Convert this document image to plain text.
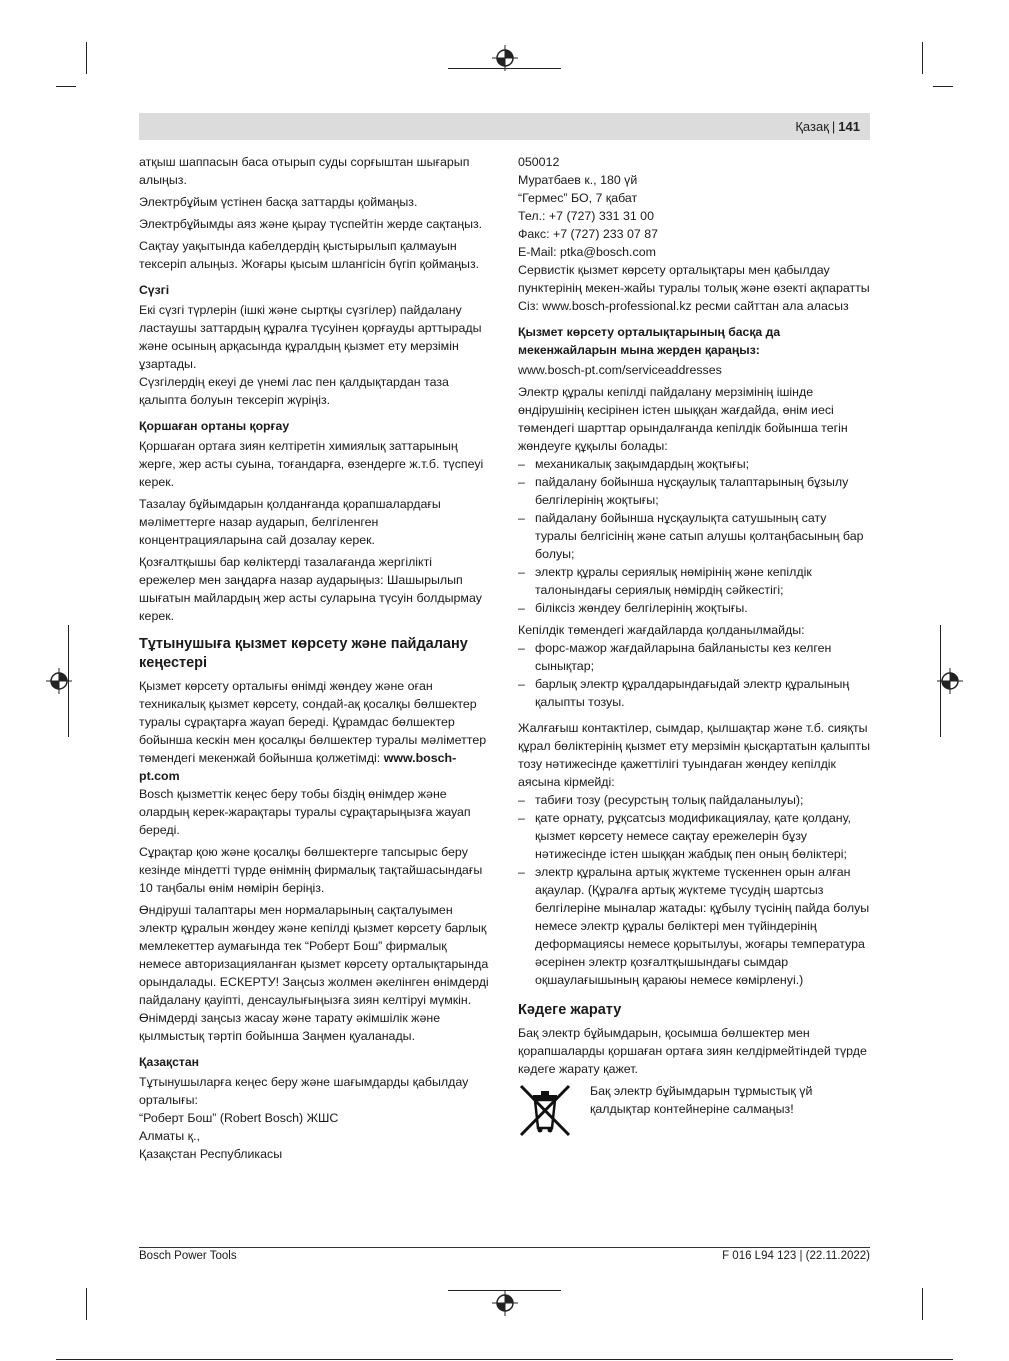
Қазақ | 141

атқыш шаппасын баса отырып суды сорғыштан шығарып алыңыз.

Электрбұйым үстінен басқа заттарды қоймаңыз.

Электрбұйымды аяз және қырау түспейтін жерде сақтаңыз.

Сақтау уақытында кабелдердің қыстырылып қалмауын тексеріп алыңыз. Жоғары қысым шлангісін бүгіп қоймаңыз.

Сүзгі

Екі сүзгі түрлерін (ішкі және сыртқы сүзгілер) пайдалану ластаушы заттардың құралға түсуінен қорғауды арттырады және осының арқасында құралдың қызмет ету мерзімін ұзартады.

Сүзгілердің екеуі де үнемі лас пен қалдықтардан таза қалыпта болуын тексеріп жүріңіз.

Қоршаған ортаны қорғау

Қоршаған ортаға зиян келтіретін химиялық заттарының жерге, жер асты суына, тоғандарға, өзендерге ж.т.б. түспеуі керек.

Тазалау бұйымдарын қолданғанда қорапшалардағы мәліметтерге назар аударып, белгіленген концентрацияларына сай дозалау керек.

Қозғалтқышы бар көліктерді тазалағанда жергілікті ережелер мен заңдарға назар аударыңыз: Шашырылып шығатын майлардың жер асты суларына түсуін болдырмау керек.

Тұтынушыға қызмет көрсету және пайдалану кеңестері

Қызмет көрсету орталығы өнімді жөндеу және оған техникалық қызмет көрсету, сондай-ақ қосалқы бөлшектер туралы сұрақтарға жауап береді. Құрамдас бөлшектер бойынша кескін мен қосалқы бөлшектер туралы мәліметтер төмендегі мекенжай бойынша қолжетімді: www.bosch-pt.com

Bosch қызметтік кеңес беру тобы біздің өнімдер және олардың керек-жарақтары туралы сұрақтарыңызға жауап береді.

Сұрақтар қою және қосалқы бөлшектерге тапсырыс беру кезінде міндетті түрде өнімнің фирмалық тақтайшасындағы 10 таңбалы өнім нөмірін беріңіз.

Өндіруші талаптары мен нормаларының сақталуымен электр құралын жөндеу және кепілді қызмет көрсету барлық мемлекеттер аумағында тек “Роберт Бош” фирмалық немесе авторизацияланған қызмет көрсету орталықтарында орындалады. ЕСКЕРТУ! Заңсыз жолмен әкелінген өнімдерді пайдалану қауіпті, денсаулығыңызға зиян келтіруі мүмкін. Өнімдерді заңсыз жасау және тарату әкімшілік және қылмыстық тәртіп бойынша Заңмен қуаланады.

Қазақстан

Тұтынушыларға кеңес беру және шағымдарды қабылдау орталығы:

“Роберт Бош” (Robert Bosch) ЖШС

Алматы қ.,

Қазақстан Республикасы

050012

Муратбаев к., 180 үй

“Гермес” БО, 7 қабат

Тел.: +7 (727) 331 31 00

Факс: +7 (727) 233 07 87

E-Mail: ptka@bosch.com

Сервистік қызмет көрсету орталықтары мен қабылдау пунктерінің мекен-жайы туралы толық және өзекті ақпаратты Сіз: www.bosch-professional.kz ресми сайттан ала аласыз

Қызмет көрсету орталықтарының басқа да мекенжайларын мына жерден қараңыз:

www.bosch-pt.com/serviceaddresses

Электр құралы кепілді пайдалану мерзімінің ішінде өндірушінің кесірінен істен шыққан жағдайда, өнім иесі төмендегі шарттар орындалғанда кепілдік бойынша тегін жөндеуге құқылы болады:

– механикалық зақымдардың жоқтығы;
– пайдалану бойынша нұсқаулық талаптарының бұзылу белгілерінің жоқтығы;
– пайдалану бойынша нұсқаулықта сатушының сату туралы белгісінің және сатып алушы қолтаңбасының бар болуы;
– электр құралы сериялық нөмірінің және кепілдік талонындағы сериялық нөмірдің сәйкестігі;
– біліксіз жөндеу белгілерінің жоқтығы.

Кепілдік төмендегі жағдайларда қолданылмайды:

– форс-мажор жағдайларына байланысты кез келген сынықтар;
– барлық электр құралдарындағыдай электр құралының қалыпты тозуы.

Жалғағыш контактілер, сымдар, қылшақтар және т.б. сияқты құрал бөліктерінің қызмет ету мерзімін қысқартатын қалыпты тозу нәтижесінде қажеттілігі туындаған жөндеу кепілдік аясына кірмейді:

– табиғи тозу (ресурстың толық пайдаланылуы);
– қате орнату, рұқсатсыз модификациялау, қате қолдану, қызмет көрсету немесе сақтау ережелерін бұзу нәтижесінде істен шыққан жабдық пен оның бөліктері;
– электр құралына артық жүктеме түскеннен орын алған ақаулар. (Құралға артық жүктеме түсудің шартсыз белгілеріне мыналар жатады: құбылу түсінің пайда болуы немесе электр құралы бөліктері мен түйіндерінің деформациясы немесе қорытылуы, жоғары температура әсерінен электр қозғалтқышындағы сымдар оқшаулағышының қараюы немесе көмірленуі.)
Кәдеге жарату

Бақ электр бұйымдарын, қосымша бөлшектер мен қорапшаларды қоршаған ортаға зиян келдірмейтіндей түрде кәдеге жарату қажет.

Бақ электр бұйымдарын тұрмыстық үй қалдықтар контейнеріне салмаңыз!

Bosch Power Tools	F 016 L94 123 | (22.11.2022)
